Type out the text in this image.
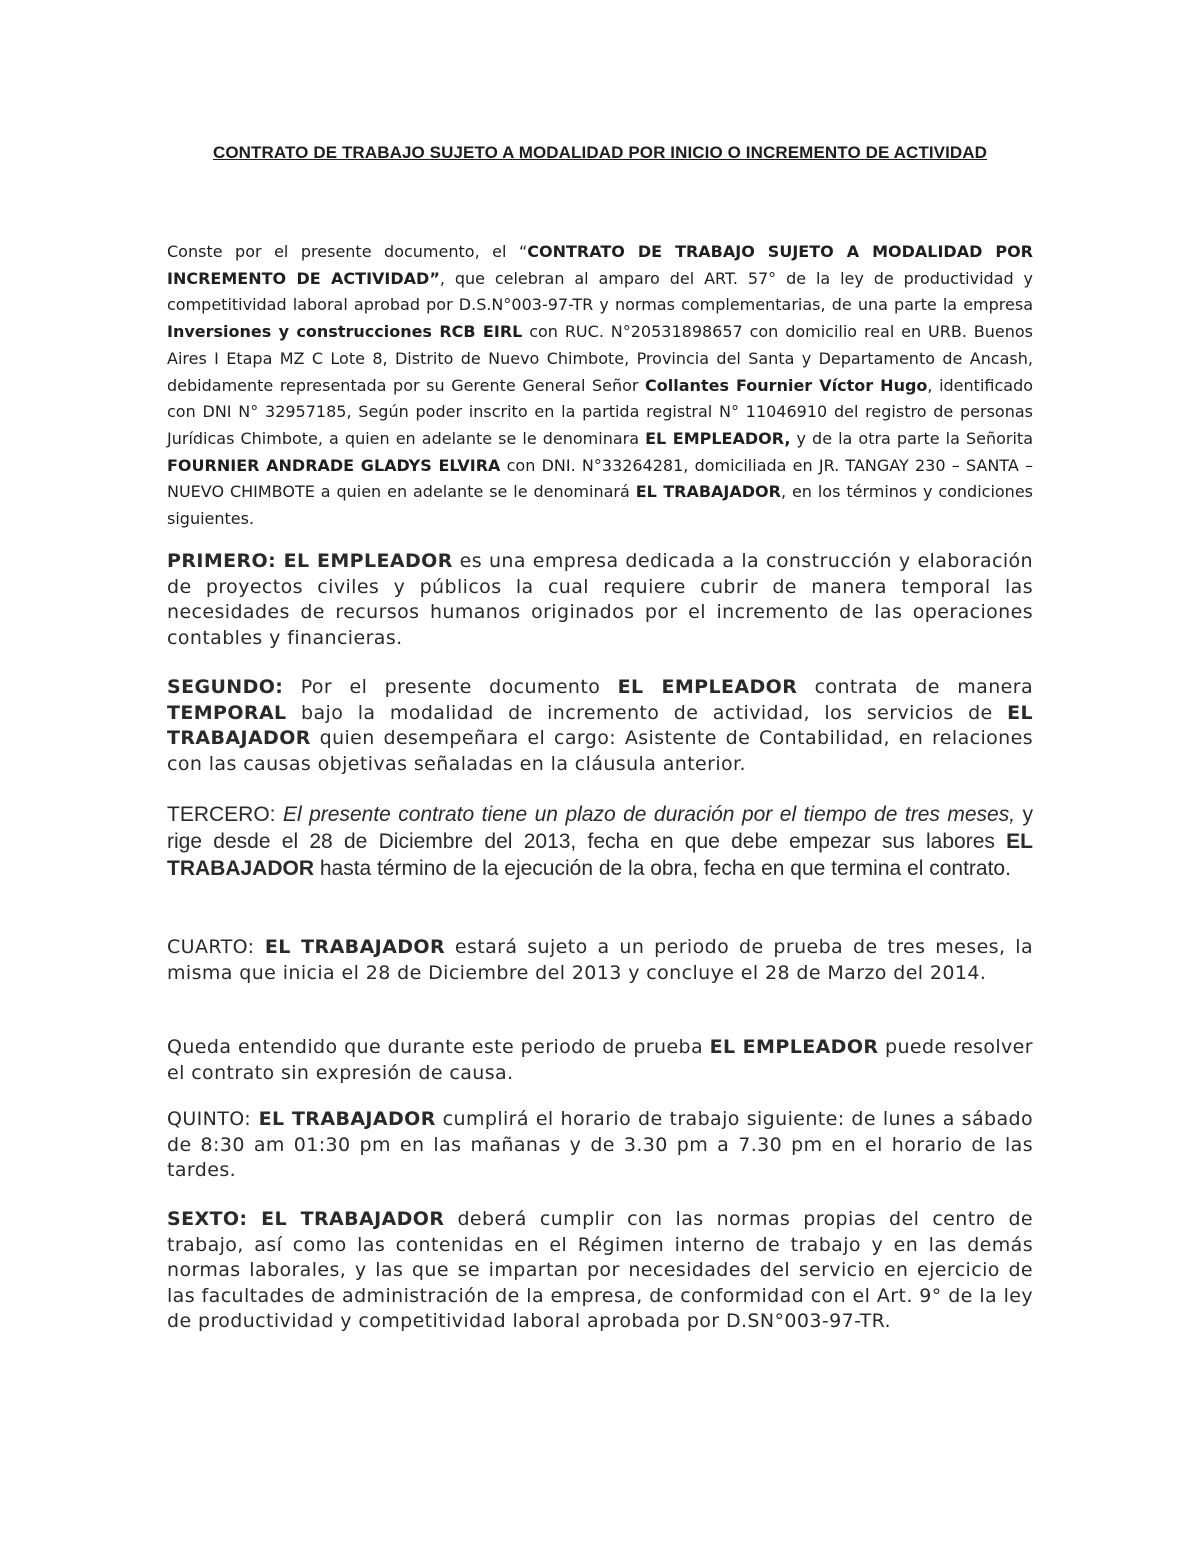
CONTRATO DE TRABAJO SUJETO A MODALIDAD POR INICIO O INCREMENTO DE ACTIVIDAD

Conste por el presente documento, el “CONTRATO DE TRABAJO SUJETO A MODALIDAD POR INCREMENTO DE ACTIVIDAD”, que celebran al amparo del ART. 57° de la ley de productividad y competitividad laboral aprobad por D.S.N°003-97-TR y normas complementarias, de una parte la empresa Inversiones y construcciones RCB EIRL con RUC. N°20531898657 con domicilio real en URB. Buenos Aires I Etapa MZ C Lote 8, Distrito de Nuevo Chimbote, Provincia del Santa y Departamento de Ancash, debidamente representada por su Gerente General Señor Collantes Fournier Víctor Hugo, identificado con DNI N° 32957185, Según poder inscrito en la partida registral N° 11046910 del registro de personas Jurídicas Chimbote, a quien en adelante se le denominara EL EMPLEADOR, y de la otra parte la Señorita FOURNIER ANDRADE GLADYS ELVIRA con DNI. N°33264281, domiciliada en JR. TANGAY 230 – SANTA – NUEVO CHIMBOTE a quien en adelante se le denominará EL TRABAJADOR, en los términos y condiciones siguientes.

PRIMERO: EL EMPLEADOR es una empresa dedicada a la construcción y elaboración de proyectos civiles y públicos la cual requiere cubrir de manera temporal las necesidades de recursos humanos originados por el incremento de las operaciones contables y financieras.

SEGUNDO: Por el presente documento EL EMPLEADOR contrata de manera TEMPORAL bajo la modalidad de incremento de actividad, los servicios de EL TRABAJADOR quien desempeñara el cargo: Asistente de Contabilidad, en relaciones con las causas objetivas señaladas en la cláusula anterior.

TERCERO: El presente contrato tiene un plazo de duración por el tiempo de tres meses, y rige desde el 28 de Diciembre del 2013, fecha en que debe empezar sus labores EL TRABAJADOR hasta término de la ejecución de la obra, fecha en que termina el contrato.

CUARTO: EL TRABAJADOR estará sujeto a un periodo de prueba de tres meses, la misma que inicia el 28 de Diciembre del 2013 y concluye el 28 de Marzo del 2014.

Queda entendido que durante este periodo de prueba EL EMPLEADOR puede resolver el contrato sin expresión de causa.

QUINTO: EL TRABAJADOR cumplirá el horario de trabajo siguiente: de lunes a sábado de 8:30 am 01:30 pm en las mañanas y de 3.30 pm a 7.30 pm en el horario de las tardes.

SEXTO: EL TRABAJADOR deberá cumplir con las normas propias del centro de trabajo, así como las contenidas en el Régimen interno de trabajo y en las demás normas laborales, y las que se impartan por necesidades del servicio en ejercicio de las facultades de administración de la empresa, de conformidad con el Art. 9° de la ley de productividad y competitividad laboral aprobada por D.SN°003-97-TR.
